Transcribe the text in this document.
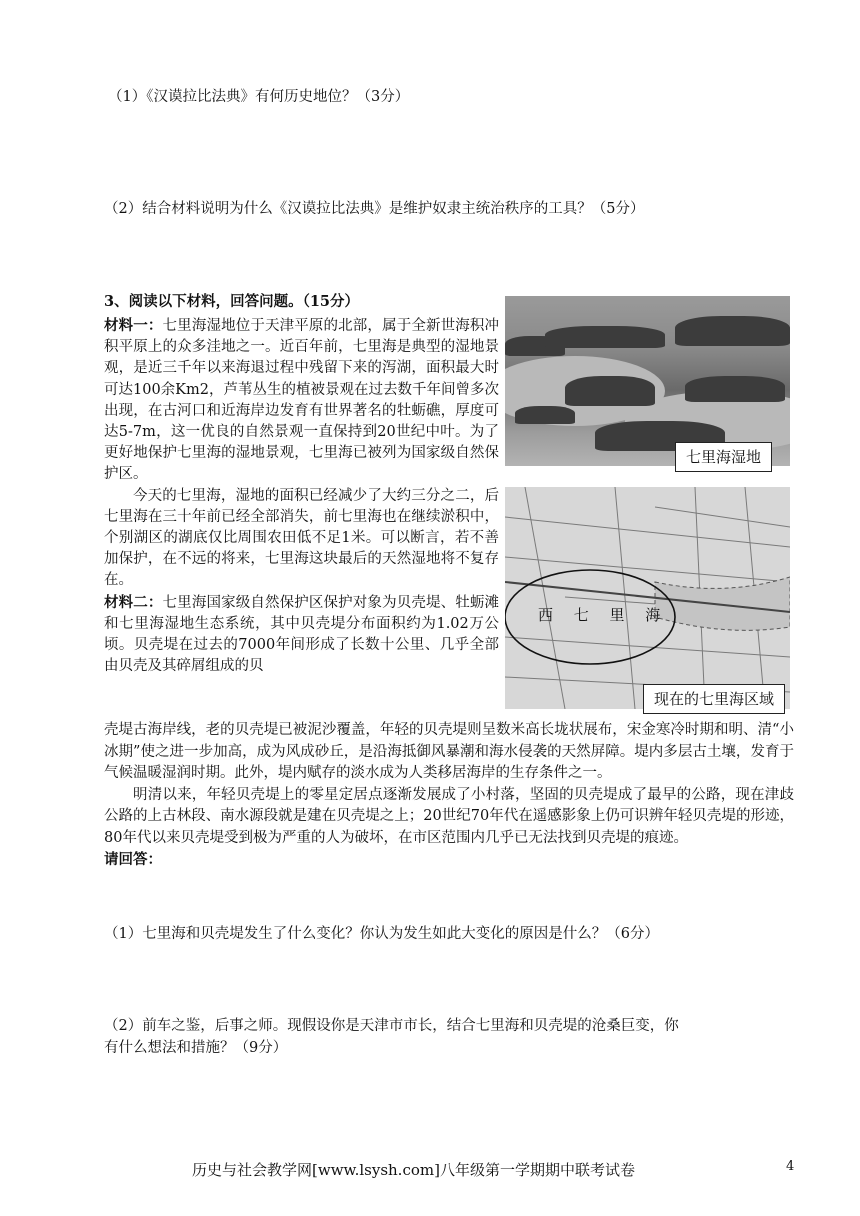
（1）《汉谟拉比法典》有何历史地位？（3分）
（2）结合材料说明为什么《汉谟拉比法典》是维护奴隶主统治秩序的工具？（5分）
3、阅读以下材料，回答问题。（15分）

材料一：七里海湿地位于天津平原的北部，属于全新世海积冲积平原上的众多洼地之一。近百年前，七里海是典型的湿地景观，是近三千年以来海退过程中残留下来的泻湖，面积最大时可达100余Km2，芦苇丛生的植被景观在过去数千年间曾多次出现，在古河口和近海岸边发育有世界著名的牡蛎礁，厚度可达5-7m，这一优良的自然景观一直保持到20世纪中叶。为了更好地保护七里海的湿地景观，七里海已被列为国家级自然保护区。

今天的七里海，湿地的面积已经减少了大约三分之二，后七里海在三十年前已经全部消失，前七里海也在继续淤积中，个别湖区的湖底仅比周围农田低不足1米。可以断言，若不善加保护，在不远的将来，七里海这块最后的天然湿地将不复存在。

材料二：七里海国家级自然保护区保护对象为贝壳堤、牡蛎滩和七里海湿地生态系统，其中贝壳堤分布面积约为1.02万公顷。贝壳堤在过去的7000年间形成了长数十公里、几乎全部由贝壳及其碎屑组成的贝

壳堤古海岸线，老的贝壳堤已被泥沙覆盖，年轻的贝壳堤则呈数米高长垅状展布，宋金寒冷时期和明、清“小冰期”使之进一步加高，成为风成砂丘，是沿海抵御风暴潮和海水侵袭的天然屏障。堤内多层古土壤，发育于气候温暖湿润时期。此外，堤内赋存的淡水成为人类移居海岸的生存条件之一。

明清以来，年轻贝壳堤上的零星定居点逐渐发展成了小村落，坚固的贝壳堤成了最早的公路，现在津歧公路的上古林段、南水源段就是建在贝壳堤之上；20世纪70年代在遥感影象上仍可识辨年轻贝壳堤的形迹，80年代以来贝壳堤受到极为严重的人为破坏，在市区范围内几乎已无法找到贝壳堤的痕迹。

请回答：

（1）七里海和贝壳堤发生了什么变化？你认为发生如此大变化的原因是什么？（6分）
（2）前车之鉴，后事之师。现假设你是天津市市长，结合七里海和贝壳堤的沧桑巨变，你
有什么想法和措施？（9分）
七里海湿地
西 七 里 海
现在的七里海区域
历史与社会教学网[www.lsysh.com]八年级第一学期期中联考试卷	4
